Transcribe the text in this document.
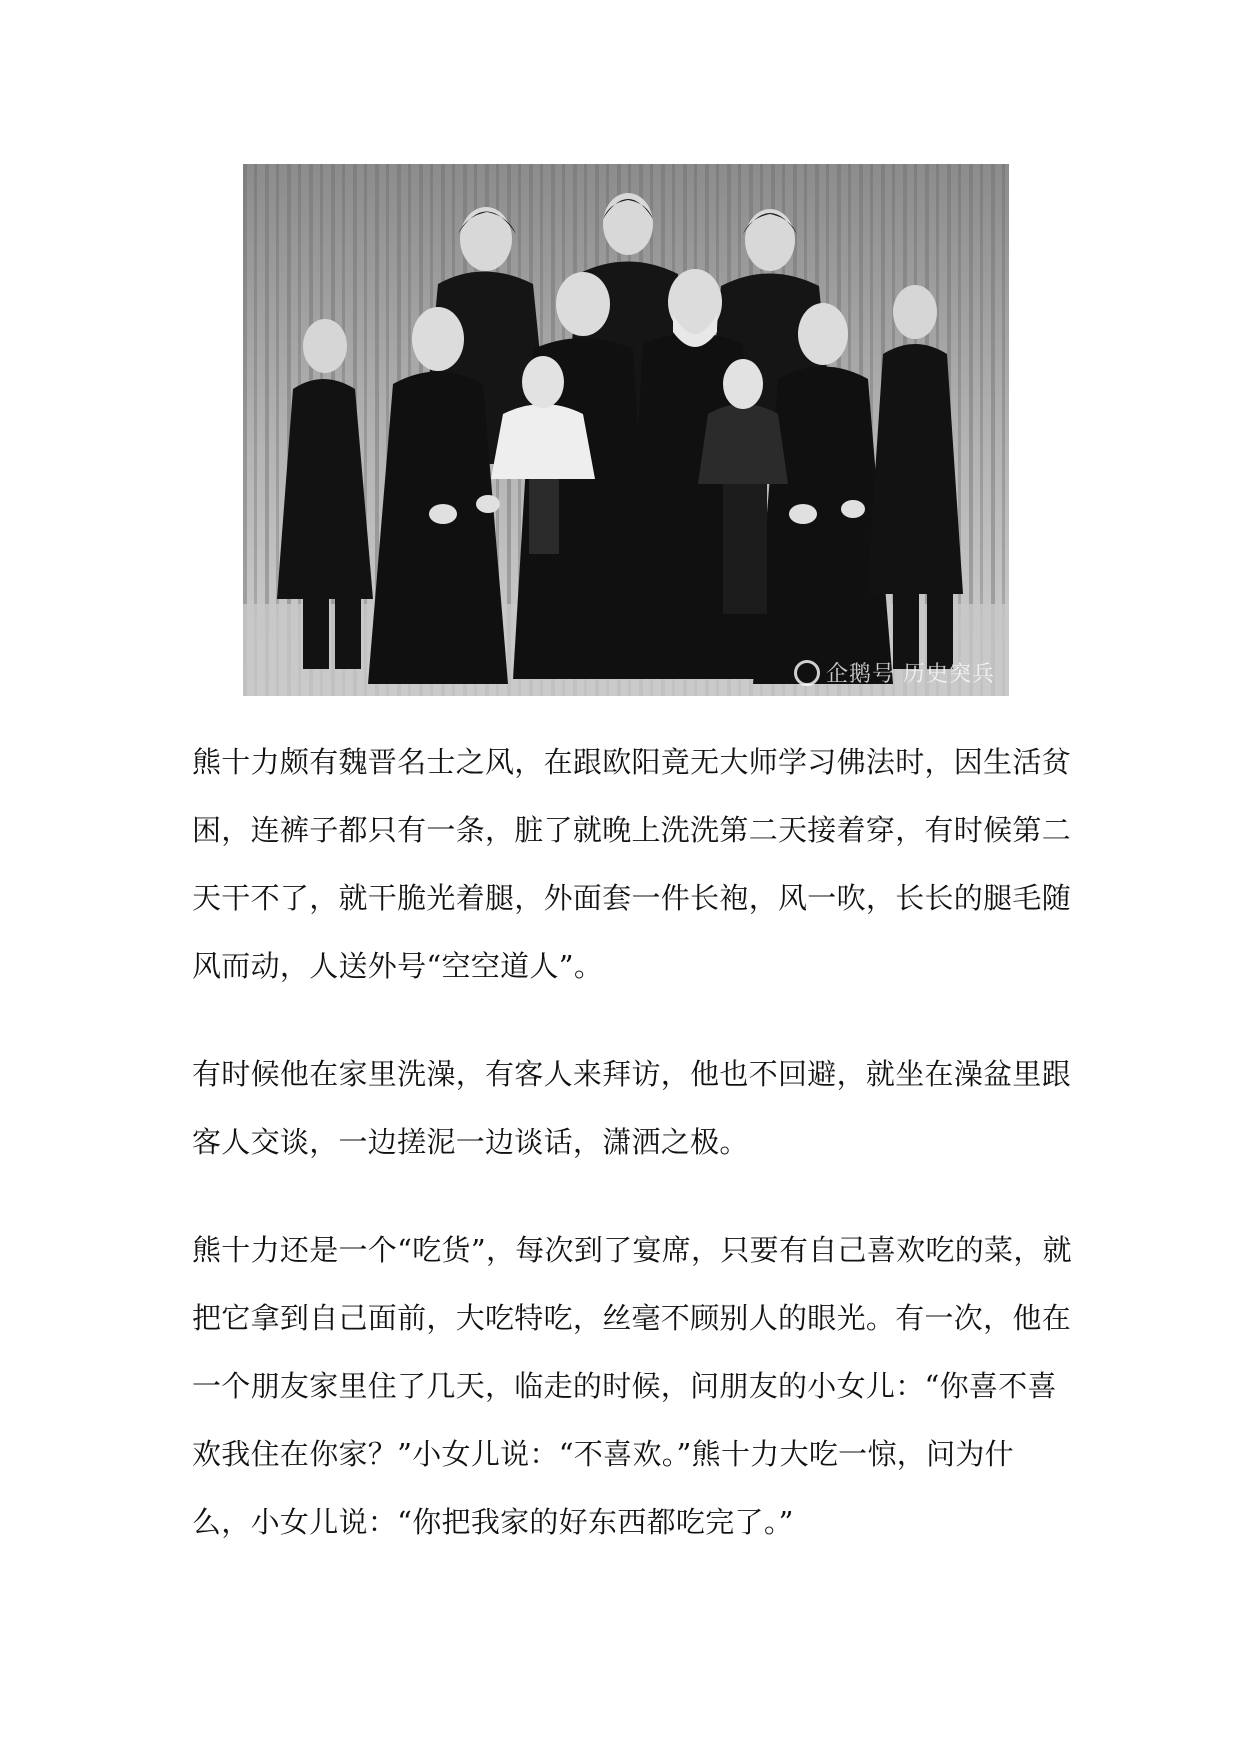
企鹅号 历史突兵

熊十力颇有魏晋名士之风，在跟欧阳竟无大师学习佛法时，因生活贫困，连裤子都只有一条，脏了就晚上洗洗第二天接着穿，有时候第二天干不了，就干脆光着腿，外面套一件长袍，风一吹，长长的腿毛随风而动，人送外号“空空道人”。

有时候他在家里洗澡，有客人来拜访，他也不回避，就坐在澡盆里跟客人交谈，一边搓泥一边谈话，潇洒之极。

熊十力还是一个“吃货”，每次到了宴席，只要有自己喜欢吃的菜，就把它拿到自己面前，大吃特吃，丝毫不顾别人的眼光。有一次，他在一个朋友家里住了几天，临走的时候，问朋友的小女儿：“你喜不喜欢我住在你家？”小女儿说：“不喜欢。”熊十力大吃一惊，问为什么，小女儿说：“你把我家的好东西都吃完了。”
